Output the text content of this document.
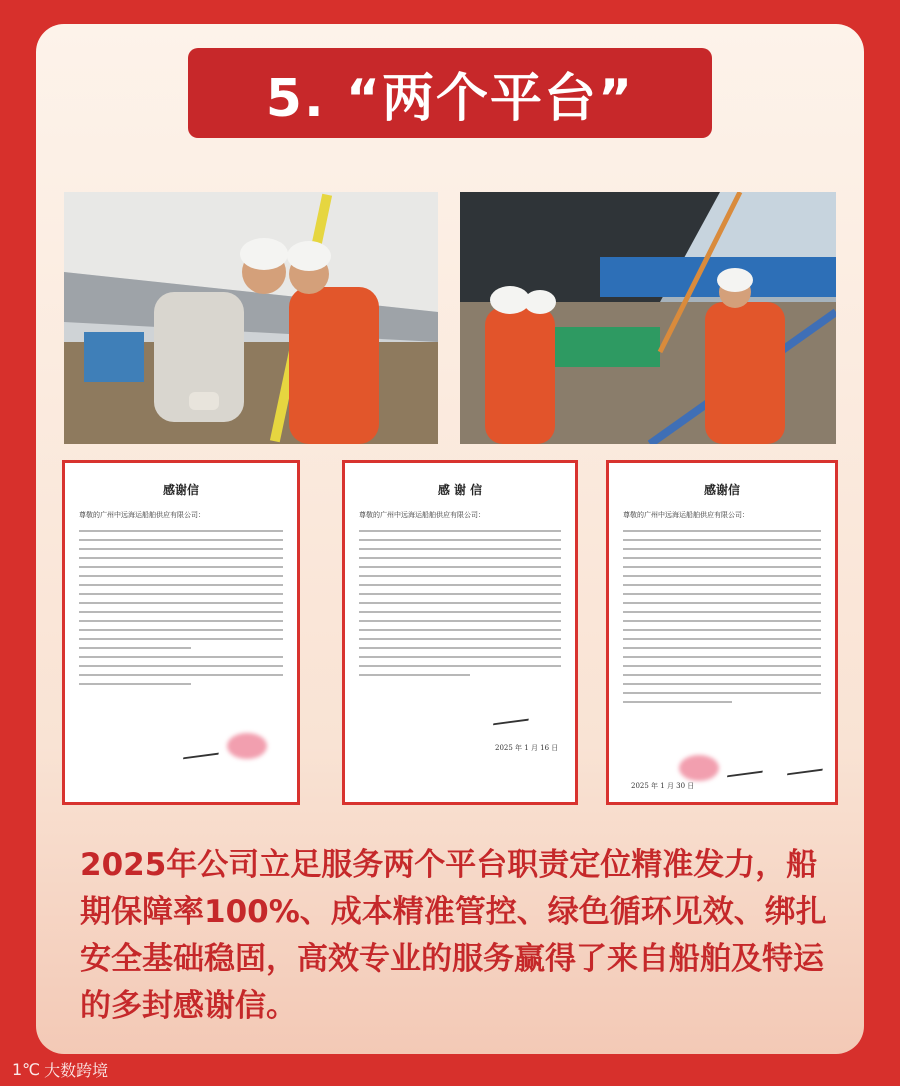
5. “两个平台”
感谢信
尊敬的广州中远海运船舶供应有限公司：
感 谢 信
尊敬的广州中远海运船舶供应有限公司：
2025 年 1 月 16 日
感谢信
尊敬的广州中远海运船舶供应有限公司：
2025 年 1 月 30 日
2025年公司立足服务两个平台职责定位精准发力，船期保障率100%、成本精准管控、绿色循环见效、绑扎安全基础稳固，高效专业的服务赢得了来自船舶及特运的多封感谢信。
1℃ 大数跨境
